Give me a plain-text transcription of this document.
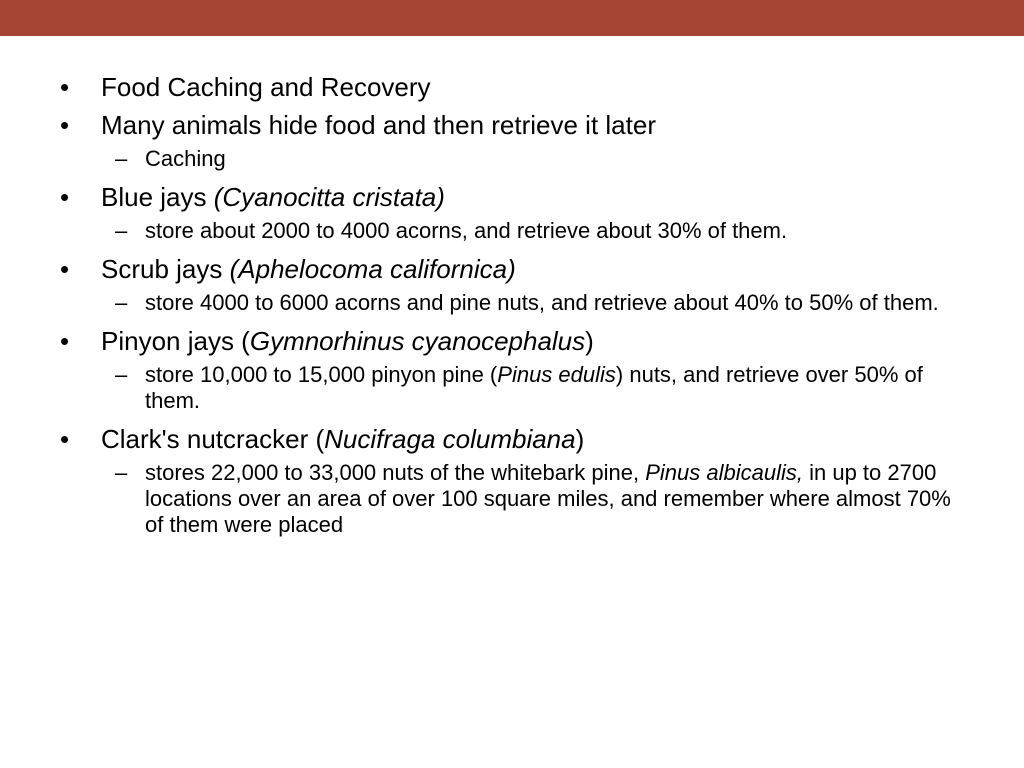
• Food Caching and Recovery
• Many animals hide food and then retrieve it later
– Caching
• Blue jays (Cyanocitta cristata)
– store about 2000 to 4000 acorns, and retrieve about 30% of them.
• Scrub jays (Aphelocoma californica)
– store 4000 to 6000 acorns and pine nuts, and retrieve about 40% to 50% of them.
• Pinyon jays (Gymnorhinus cyanocephalus)
– store 10,000 to 15,000 pinyon pine (Pinus edulis) nuts, and retrieve over 50% of them.
• Clark's nutcracker (Nucifraga columbiana)
– stores 22,000 to 33,000 nuts of the whitebark pine, Pinus albicaulis, in up to 2700 locations over an area of over 100 square miles, and remember where almost 70% of them were placed
